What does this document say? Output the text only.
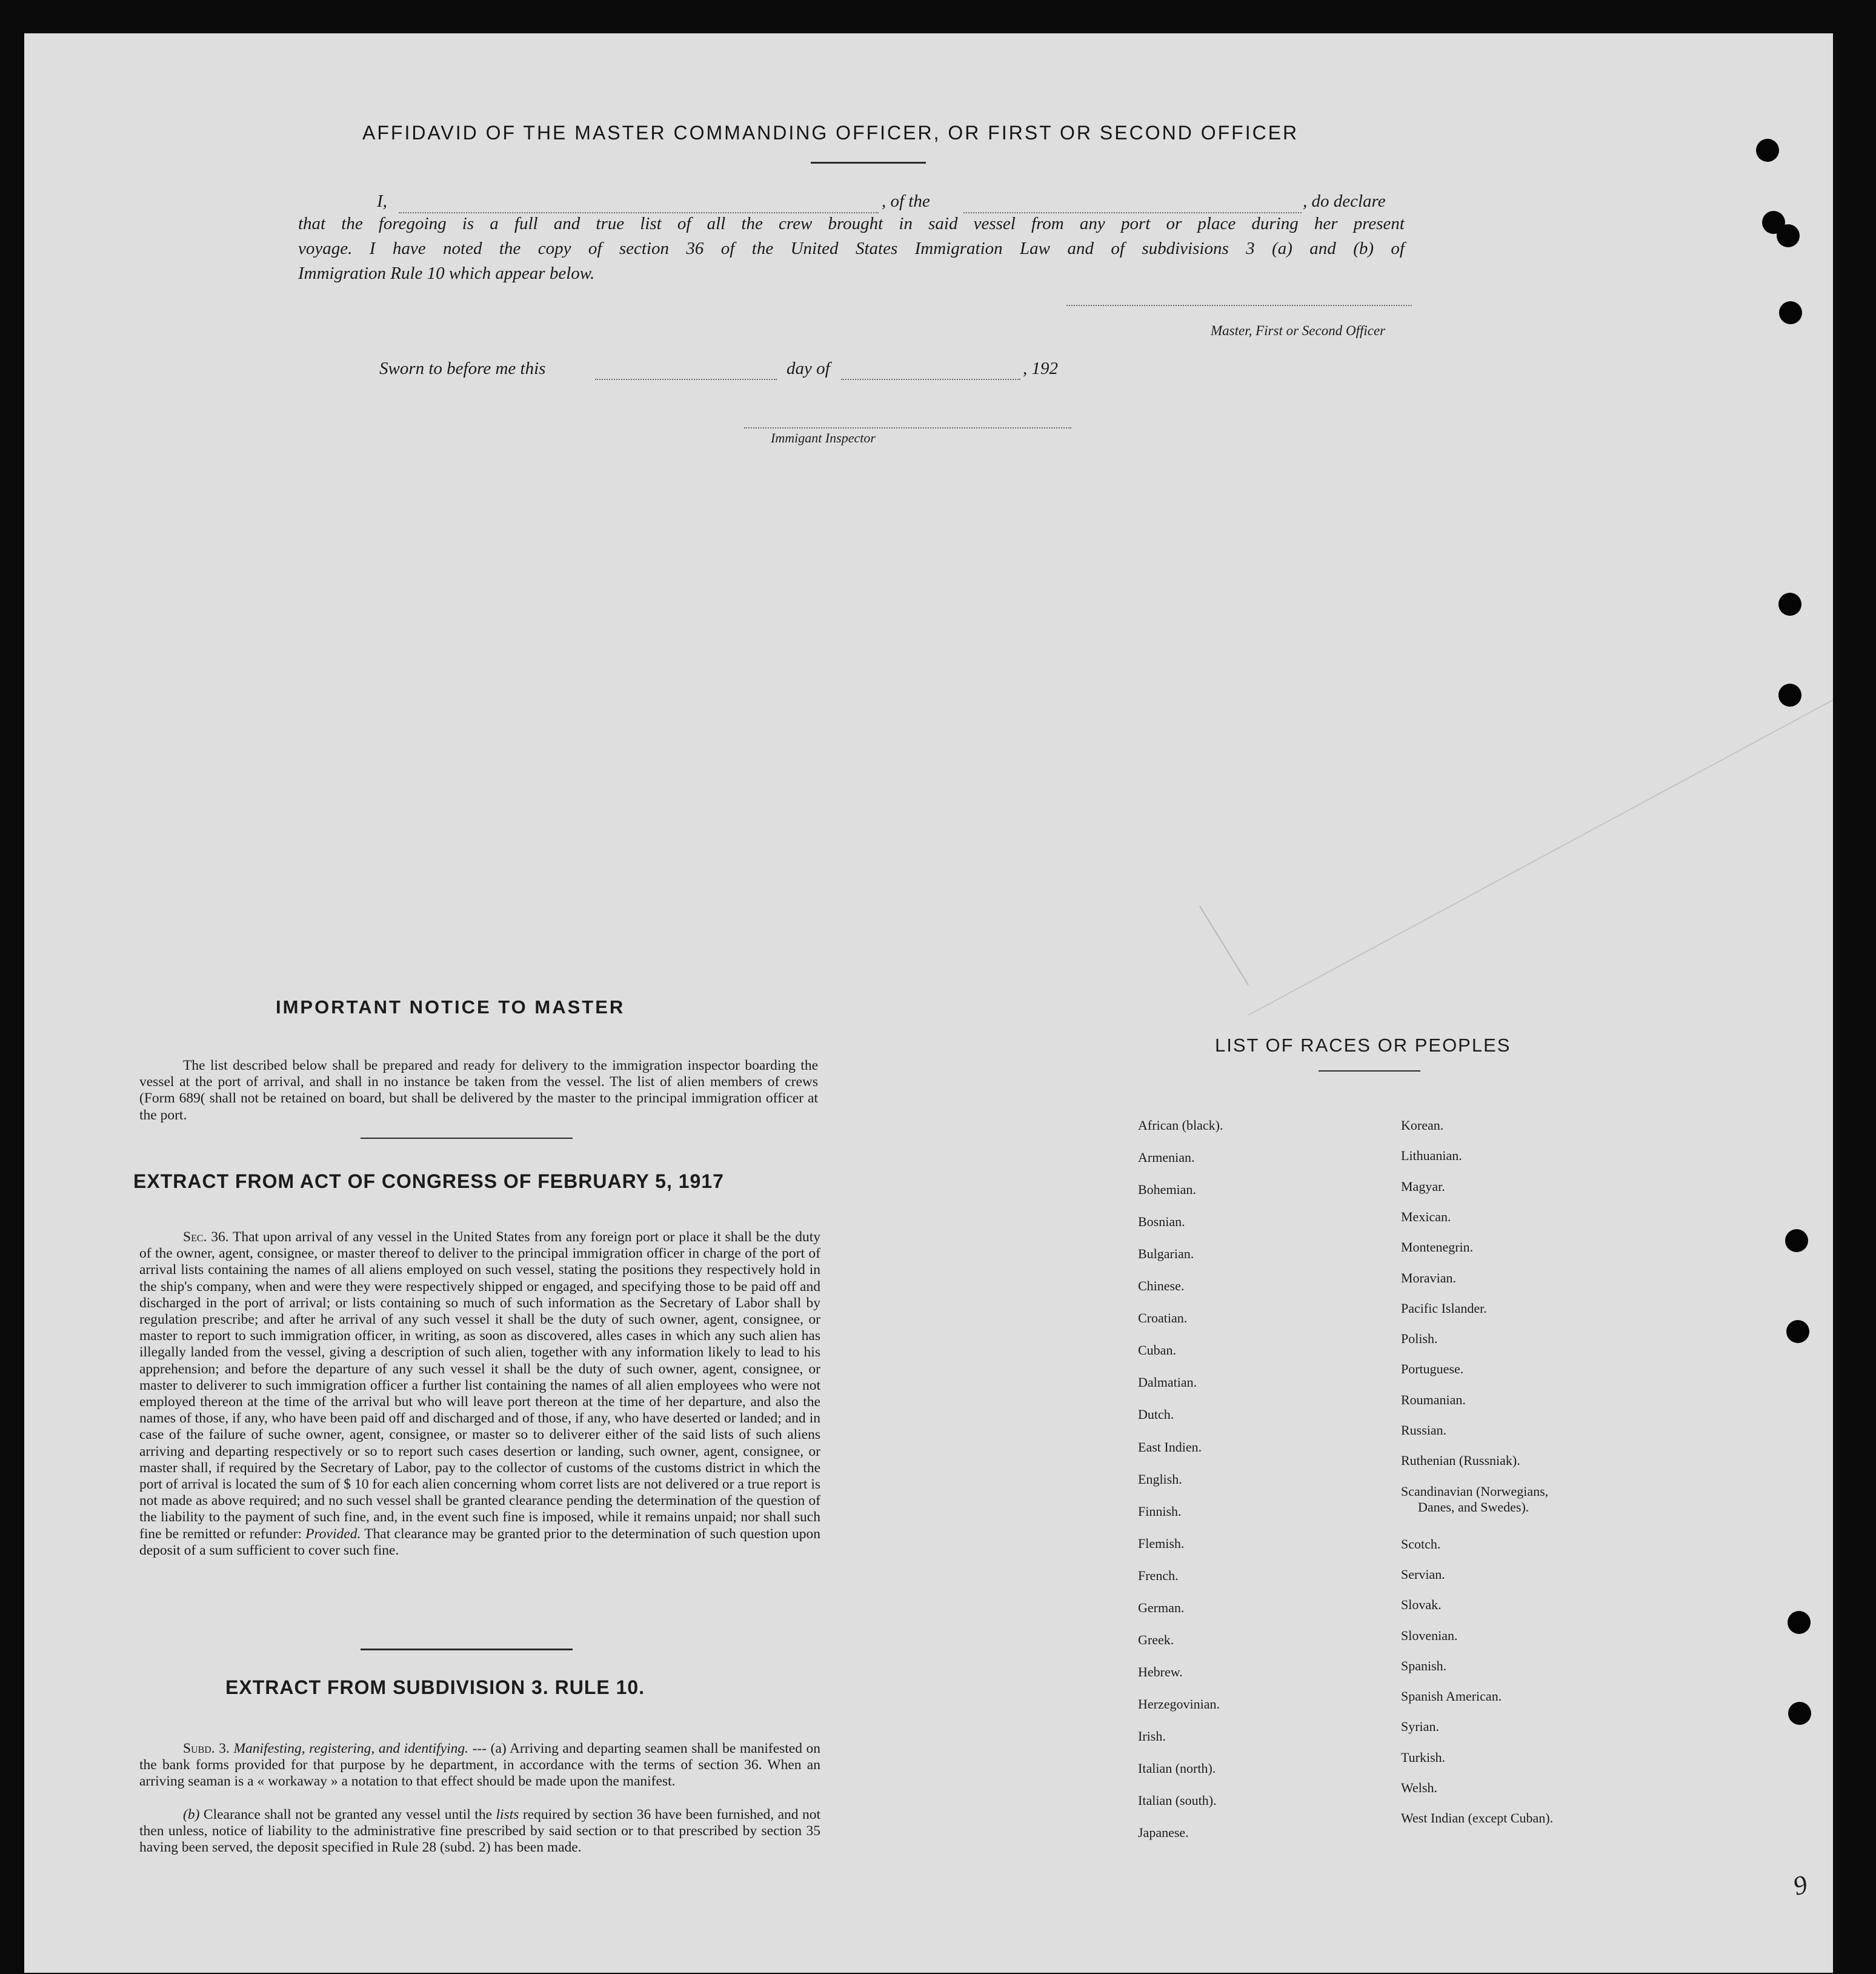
AFFIDAVID OF THE MASTER COMMANDING OFFICER, OR FIRST OR SECOND OFFICER
I,	, of the	, do declare
that the foregoing is a full and true list of all the crew brought in said vessel from any port or place during her present
voyage. I have noted the copy of section 36 of the United States Immigration Law and of subdivisions 3 (a) and (b) of
Immigration Rule 10 which appear below.
Master, First or Second Officer
Sworn to before me this	day of	, 192
Immigant Inspector
IMPORTANT NOTICE TO MASTER
The list described below shall be prepared and ready for delivery to the immigration inspector boarding the vessel at the port of arrival, and shall in no instance be taken from the vessel. The list of alien members of crews (Form 689( shall not be retained on board, but shall be delivered by the master to the principal immigration officer at the port.
EXTRACT FROM ACT OF CONGRESS OF FEBRUARY 5, 1917
Sec. 36. That upon arrival of any vessel in the United States from any foreign port or place it shall be the duty of the owner, agent, consignee, or master thereof to deliver to the principal immigration officer in charge of the port of arrival lists containing the names of all aliens employed on such vessel, stating the positions they respectively hold in the ship's company, when and were they were respectively shipped or engaged, and specifying those to be paid off and discharged in the port of arrival; or lists containing so much of such information as the Secretary of Labor shall by regulation prescribe; and after he arrival of any such vessel it shall be the duty of such owner, agent, consignee, or master to report to such immigration officer, in writing, as soon as discovered, alles cases in which any such alien has illegally landed from the vessel, giving a description of such alien, together with any information likely to lead to his apprehension; and before the departure of any such vessel it shall be the duty of such owner, agent, consignee, or master to deliverer to such immigration officer a further list containing the names of all alien employees who were not employed thereon at the time of the arrival but who will leave port thereon at the time of her departure, and also the names of those, if any, who have been paid off and discharged and of those, if any, who have deserted or landed; and in case of the failure of suche owner, agent, consignee, or master so to deliverer either of the said lists of such aliens arriving and departing respectively or so to report such cases desertion or landing, such owner, agent, consignee, or master shall, if required by the Secretary of Labor, pay to the collector of customs of the customs district in which the port of arrival is located the sum of $ 10 for each alien concerning whom corret lists are not delivered or a true report is not made as above required; and no such vessel shall be granted clearance pending the determination of the question of the liability to the payment of such fine, and, in the event such fine is imposed, while it remains unpaid; nor shall such fine be remitted or refunder: Provided. That clearance may be granted prior to the determination of such question upon deposit of a sum sufficient to cover such fine.
EXTRACT FROM SUBDIVISION 3. RULE 10.
Subd. 3. Manifesting, registering, and identifying. --- (a) Arriving and departing seamen shall be manifested on the bank forms provided for that purpose by he department, in accordance with the terms of section 36. When an arriving seaman is a « workaway » a notation to that effect should be made upon the manifest.
(b) Clearance shall not be granted any vessel until the lists required by section 36 have been furnished, and not then unless, notice of liability to the administrative fine prescribed by said section or to that prescribed by section 35 having been served, the deposit specified in Rule 28 (subd. 2) has been made.
LIST OF RACES OR PEOPLES
African (black).
Armenian.
Bohemian.
Bosnian.
Bulgarian.
Chinese.
Croatian.
Cuban.
Dalmatian.
Dutch.
East Indien.
English.
Finnish.
Flemish.
French.
German.
Greek.
Hebrew.
Herzegovinian.
Irish.
Italian (north).
Italian (south).
Japanese.
Korean.
Lithuanian.
Magyar.
Mexican.
Montenegrin.
Moravian.
Pacific Islander.
Polish.
Portuguese.
Roumanian.
Russian.
Ruthenian (Russniak).
Scandinavian (Norwegians,
Danes, and Swedes).
Scotch.
Servian.
Slovak.
Slovenian.
Spanish.
Spanish American.
Syrian.
Turkish.
Welsh.
West Indian (except Cuban).
9
